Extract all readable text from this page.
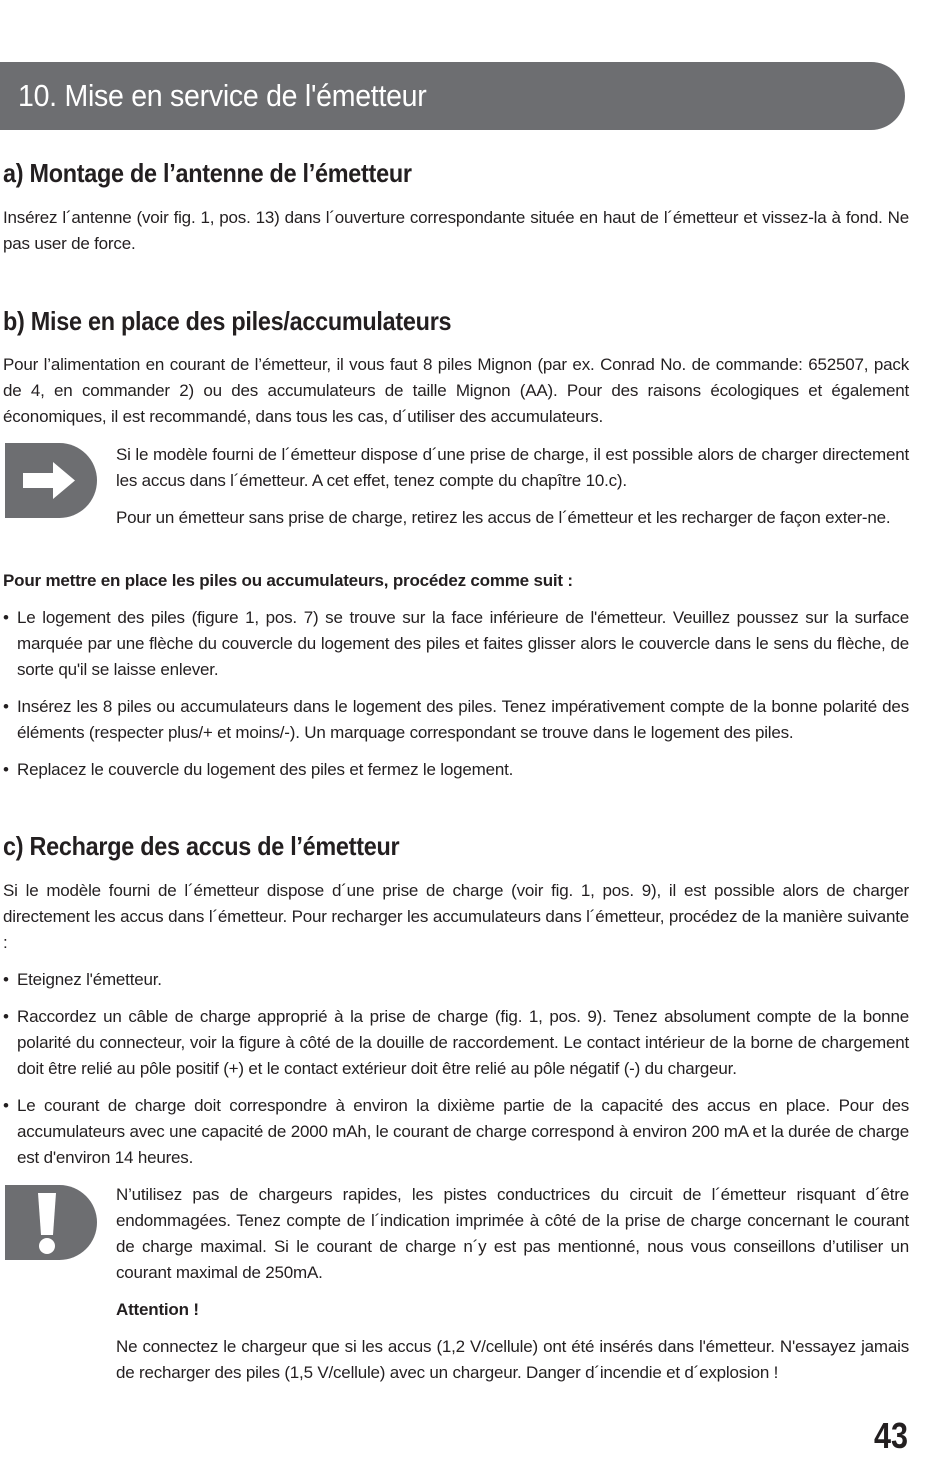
10. Mise en service de l'émetteur
a) Montage de l’antenne de l’émetteur

Insérez l´antenne (voir fig. 1, pos. 13) dans l´ouverture correspondante située en haut de l´émetteur et vissez-la à fond. Ne pas user de force.

b) Mise en place des piles/accumulateurs

Pour l’alimentation en courant de l’émetteur, il vous faut 8 piles Mignon (par ex. Conrad No. de commande: 652507, pack de 4, en commander 2) ou des accumulateurs de taille Mignon (AA). Pour des raisons écologiques et également économiques, il est recommandé, dans tous les cas, d´utiliser des accumulateurs.

Si le modèle fourni de l´émetteur dispose d´une prise de charge, il est possible alors de charger directement les accus dans l´émetteur. A cet effet, tenez compte du chapître 10.c).

Pour un émetteur sans prise de charge, retirez les accus de l´émetteur et les recharger de façon exter-ne.

Pour mettre en place les piles ou accumulateurs, procédez comme suit :

• Le logement des piles (figure 1, pos. 7) se trouve sur la face inférieure de l'émetteur. Veuillez poussez sur la surface marquée par une flèche du couvercle du logement des piles et faites glisser alors le couvercle dans le sens du flèche, de sorte qu'il se laisse enlever.
• Insérez les 8 piles ou accumulateurs dans le logement des piles. Tenez impérativement compte de la bonne polarité des éléments (respecter plus/+ et moins/-). Un marquage correspondant se trouve dans le logement des piles.
• Replacez le couvercle du logement des piles et fermez le logement.
c) Recharge des accus de l’émetteur

Si le modèle fourni de l´émetteur dispose d´une prise de charge (voir fig. 1, pos. 9), il est possible alors de charger directement les accus dans l´émetteur. Pour recharger les accumulateurs dans l´émetteur, procédez de la manière suivante :

• Eteignez l'émetteur.
• Raccordez un câble de charge approprié à la prise de charge (fig. 1, pos. 9). Tenez absolument compte de la bonne polarité du connecteur, voir la figure à côté de la douille de raccordement. Le contact intérieur de la borne de chargement doit être relié au pôle positif (+) et le contact extérieur doit être relié au pôle négatif (-) du chargeur.
• Le courant de charge doit correspondre à environ la dixième partie de la capacité des accus en place. Pour des accumulateurs avec une capacité de 2000 mAh, le courant de charge correspond à environ 200 mA et la durée de charge est d'environ 14 heures.

N’utilisez pas de chargeurs rapides, les pistes conductrices du circuit de l´émetteur risquant d´être endommagées. Tenez compte de l´indication imprimée à côté de la prise de charge concernant le courant de charge maximal. Si le courant de charge n´y est pas mentionné, nous vous conseillons d’utiliser un courant maximal de 250mA.

Attention !

Ne connectez le chargeur que si les accus (1,2 V/cellule) ont été insérés dans l'émetteur. N'essayez jamais de recharger des piles (1,5 V/cellule) avec un chargeur. Danger d´incendie et d´explosion !

43
